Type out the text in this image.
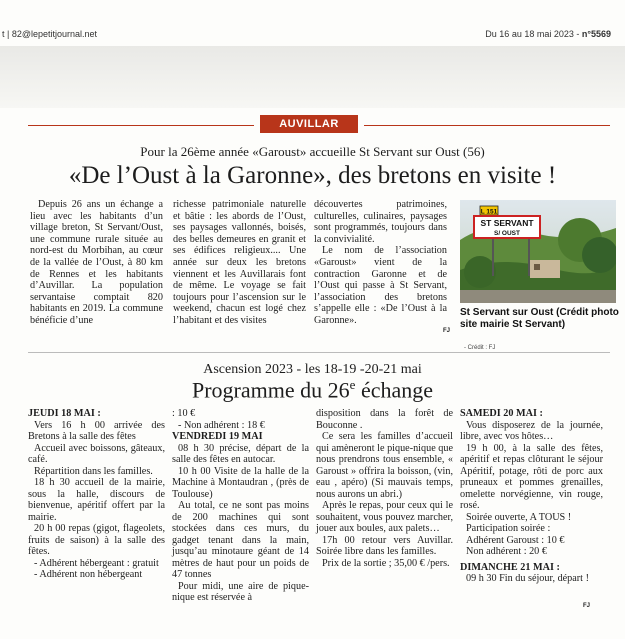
t | 82@lepetitjournal.net	Du 16 au 18 mai 2023 - n°5569
AUVILLAR
Pour la 26ème année «Garoust» accueille St Servant sur Oust (56)
«De l’Oust à la Garonne», des bretons en visite !

Depuis 26 ans un échange a lieu avec les habitants d’un village breton, St Servant/Oust, une commune rurale située au nord-est du Morbihan, au cœur de la vallée de l’Oust, à 80 km de Rennes et les habitants d’Auvillar. La population servantaise comptait 820 habitants en 2019. La commune bénéficie d’une

richesse patrimoniale naturelle et bâtie : les abords de l’Oust, ses paysages vallonnés, boisés, des belles demeures en granit et ses édifices religieux.... Une année sur deux les bretons viennent et les Auvillarais font de même. Le voyage se fait toujours pour l’ascension sur le weekend, chacun est logé chez l’habitant et des visites

découvertes patrimoines, culturelles, culinaires, paysages sont programmés, toujours dans la convivialité.

Le nom de l’association «Garoust» vient de la contraction Garonne et de l’Oust qui passe à St Servant, l’association des bretons s’appelle elle : «De l’Oust à la Garonne».

FJ
L 151
ST SERVANT
S/ OUST
St Servant sur Oust (Crédit photo site mairie St Servant)
- Crédit : FJ
Ascension 2023 - les 18-19 -20-21 mai
Programme du 26e échange
JEUDI 18 MAI :

Vers 16 h 00 arrivée des Bretons à la salle des fêtes

Accueil avec boissons, gâteaux, café.

Répartition dans les familles.

18 h 30 accueil de la mairie, sous la halle, discours de bienvenue, apéritif offert par la mairie.

20 h 00 repas (gigot, flageolets, fruits de saison) à la salle des fêtes.

- Adhérent hébergeant : gratuit

- Adhérent non hébergeant

: 10 €

- Non adhérent : 18 €

VENDREDI 19 MAI

08 h 30 précise, départ de la salle des fêtes en autocar.

10 h 00 Visite de la halle de la Machine à Montaudran , (près de Toulouse)

Au total, ce ne sont pas moins de 200 machines qui sont stockées dans ces murs, du gadget tenant dans la main, jusqu’au minotaure géant de 14 mètres de haut pour un poids de 47 tonnes

Pour midi, une aire de pique-nique est réservée à

disposition dans la forêt de Bouconne .

Ce sera les familles d’accueil qui amèneront le pique-nique que nous prendrons tous ensemble, « Garoust » offrira la boisson, (vin, eau , apéro) (Si mauvais temps, nous aurons un abri.)

Après le repas, pour ceux qui le souhaitent, vous pouvez marcher, jouer aux boules, aux palets…

17h 00 retour vers Auvillar. Soirée libre dans les familles.

Prix de la sortie ; 35,00 € /pers.

SAMEDI 20 MAI :

Vous disposerez de la journée, libre, avec vos hôtes…

19 h 00, à la salle des fêtes, apéritif et repas clôturant le séjour Apéritif, potage, rôti de porc aux pruneaux et pommes grenailles, omelette norvégienne, vin rouge, rosé.

Soirée ouverte, A TOUS !

Participation soirée :

Adhérent Garoust : 10 €

Non adhérent : 20 €

DIMANCHE 21 MAI :

09 h 30 Fin du séjour, départ !

FJ
